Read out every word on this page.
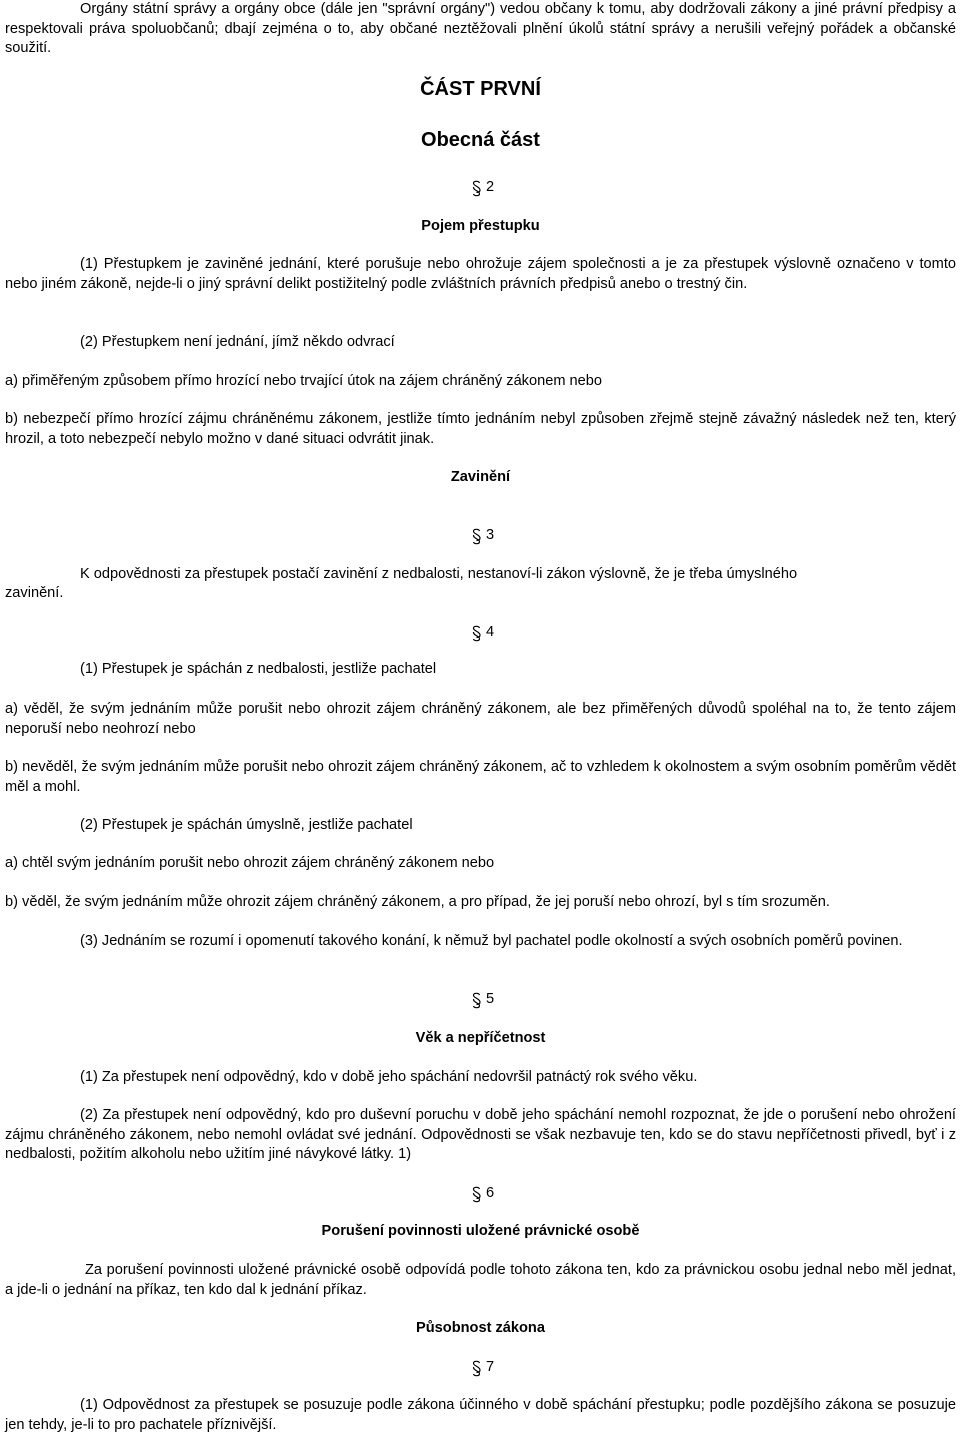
Orgány státní správy a orgány obce (dále jen "správní orgány") vedou občany k tomu, aby dodržovali zákony a jiné právní předpisy a respektovali práva spoluobčanů; dbají zejména o to, aby občané neztěžovali plnění úkolů státní správy a nerušili veřejný pořádek a občanské soužití.

ČÁST PRVNÍ
Obecná část
2
Pojem přestupku

(1) Přestupkem je zaviněné jednání, které porušuje nebo ohrožuje zájem společnosti a je za přestupek výslovně označeno v tomto nebo jiném zákoně, nejde-li o jiný správní delikt postižitelný podle zvláštních právních předpisů anebo o trestný čin.

(2) Přestupkem není jednání, jímž někdo odvrací

a) přiměřeným způsobem přímo hrozící nebo trvající útok na zájem chráněný zákonem nebo

b) nebezpečí přímo hrozící zájmu chráněnému zákonem, jestliže tímto jednáním nebyl způsoben zřejmě stejně závažný následek než ten, který hrozil, a toto nebezpečí nebylo možno v dané situaci odvrátit jinak.

Zavinění
3

K odpovědnosti za přestupek postačí zavinění z nedbalosti, nestanoví-li zákon výslovně, že je třeba úmyslného

zavinění.
4

(1) Přestupek je spáchán z nedbalosti, jestliže pachatel

a) věděl, že svým jednáním může porušit nebo ohrozit zájem chráněný zákonem, ale bez přiměřených důvodů spoléhal na to, že tento zájem neporuší nebo neohrozí nebo

b) nevěděl, že svým jednáním může porušit nebo ohrozit zájem chráněný zákonem, ač to vzhledem k okolnostem a svým osobním poměrům vědět měl a mohl.

(2) Přestupek je spáchán úmyslně, jestliže pachatel

a) chtěl svým jednáním porušit nebo ohrozit zájem chráněný zákonem nebo

b) věděl, že svým jednáním může ohrozit zájem chráněný zákonem, a pro případ, že jej poruší nebo ohrozí, byl s tím srozuměn.

(3) Jednáním se rozumí i opomenutí takového konání, k němuž byl pachatel podle okolností a svých osobních poměrů povinen.

5
Věk a nepříčetnost

(1) Za přestupek není odpovědný, kdo v době jeho spáchání nedovršil patnáctý rok svého věku.

(2) Za přestupek není odpovědný, kdo pro duševní poruchu v době jeho spáchání nemohl rozpoznat, že jde o porušení nebo ohrožení zájmu chráněného zákonem, nebo nemohl ovládat své jednání. Odpovědnosti se však nezbavuje ten, kdo se do stavu nepříčetnosti přivedl, byť i z nedbalosti, požitím alkoholu nebo užitím jiné návykové látky. 1)

6
Porušení povinnosti uložené právnické osobě

Za porušení povinnosti uložené právnické osobě odpovídá podle tohoto zákona ten, kdo za právnickou osobu jednal nebo měl jednat, a jde-li o jednání na příkaz, ten kdo dal k jednání příkaz.

Působnost zákona
7

(1) Odpovědnost za přestupek se posuzuje podle zákona účinného v době spáchání přestupku; podle pozdějšího zákona se posuzuje jen tehdy, je-li to pro pachatele příznivější.
